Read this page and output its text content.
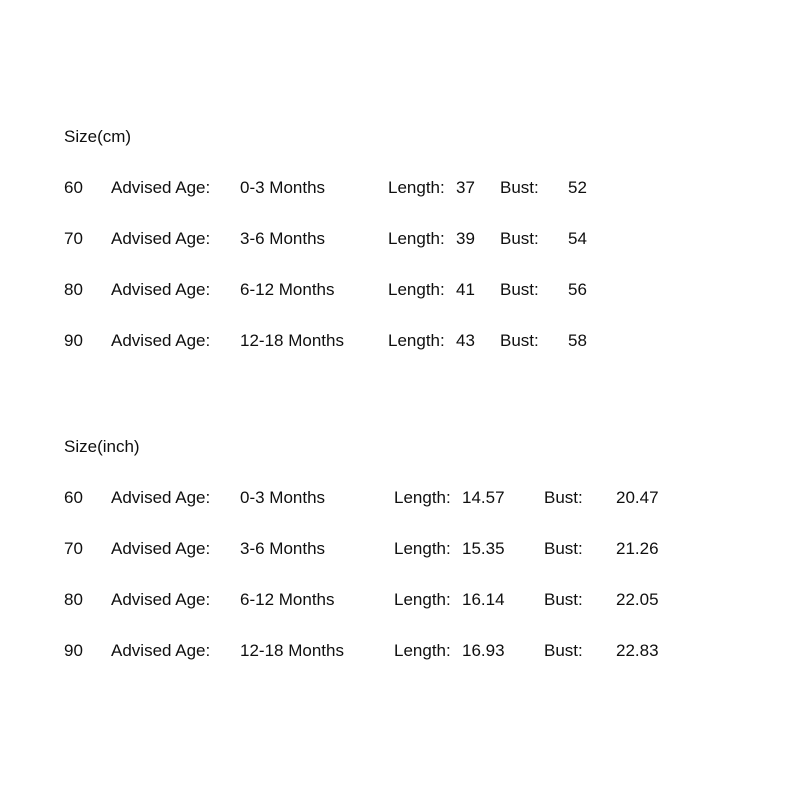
Size(cm)
60	Advised Age:	0-3 Months	Length: 37	Bust:	52
70	Advised Age:	3-6 Months	Length: 39	Bust:	54
80	Advised Age:	6-12 Months	Length: 41	Bust:	56
90	Advised Age:	12-18 Months	Length: 43	Bust:	58
Size(inch)
60	Advised Age:	0-3 Months	Length: 14.57	Bust:	20.47
70	Advised Age:	3-6 Months	Length: 15.35	Bust:	21.26
80	Advised Age:	6-12 Months	Length: 16.14	Bust:	22.05
90	Advised Age:	12-18 Months	Length: 16.93	Bust:	22.83
